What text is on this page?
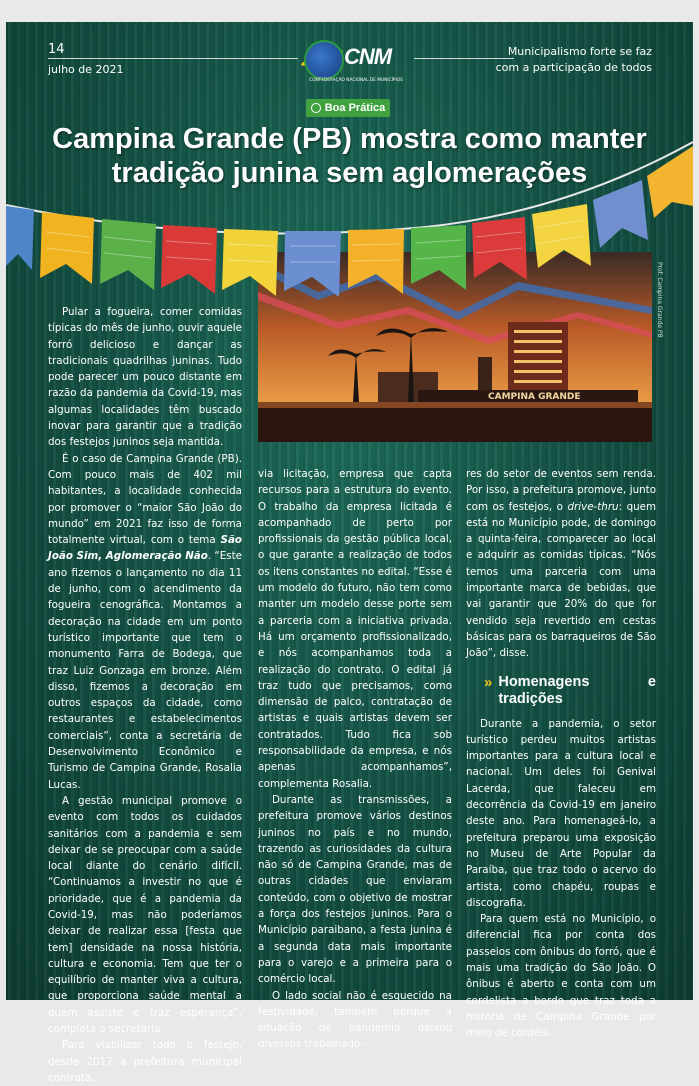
14
julho de 2021
Municipalismo forte se faz
com a participação de todos
CNM
CONFEDERAÇÃO NACIONAL DE MUNICÍPIOS
Boa Prática
Campina Grande (PB) mostra como manter
tradição junina sem aglomerações
CAMPINA GRANDE
Prof: Campina Grande PB

Pular a fogueira, comer comidas típicas do mês de junho, ouvir aquele forró delicioso e dançar as tradicionais quadrilhas juninas. Tudo pode parecer um pouco distante em razão da pandemia da Covid-19, mas algumas localidades têm buscado inovar para garantir que a tradição dos festejos juninos seja mantida.

É o caso de Campina Grande (PB). Com pouco mais de 402 mil habitantes, a localidade conhecida por promover o “maior São João do mundo” em 2021 faz isso de forma totalmente virtual, com o tema São João Sim, Aglomeração Não. “Este ano fizemos o lançamento no dia 11 de junho, com o acendimento da fogueira cenográfica. Montamos a decoração na cidade em um ponto turístico importante que tem o monumento Farra de Bodega, que traz Luiz Gonzaga em bronze. Além disso, fizemos a decoração em outros espaços da cidade, como restaurantes e estabelecimentos comerciais”, conta a secretária de Desenvolvimento Econômico e Turismo de Campina Grande, Rosalia Lucas.

A gestão municipal promove o evento com todos os cuidados sanitários com a pandemia e sem deixar de se preocupar com a saúde local diante do cenário difícil. “Continuamos a investir no que é prioridade, que é a pandemia da Covid-19, mas não poderíamos deixar de realizar essa [festa que tem] densidade na nossa história, cultura e economia. Tem que ter o equilíbrio de manter viva a cultura, que proporciona saúde mental a quem assiste e traz esperança”, completa a secretária.

Para viabilizar todo o festejo, desde 2017 a prefeitura municipal contrata,

via licitação, empresa que capta recursos para a estrutura do evento. O trabalho da empresa licitada é acompanhado de perto por profissionais da gestão pública local, o que garante a realização de todos os itens constantes no edital. “Esse é um modelo do futuro, não tem como manter um modelo desse porte sem a parceria com a iniciativa privada. Há um orçamento profissionalizado, e nós acompanhamos toda a realização do contrato. O edital já traz tudo que precisamos, como dimensão de palco, contratação de artistas e quais artistas devem ser contratados. Tudo fica sob responsabilidade da empresa, e nós apenas acompanhamos”, complementa Rosalia.

Durante as transmissões, a prefeitura promove vários destinos juninos no país e no mundo, trazendo as curiosidades da cultura não só de Campina Grande, mas de outras cidades que enviaram conteúdo, com o objetivo de mostrar a força dos festejos juninos. Para o Município paraibano, a festa junina é a segunda data mais importante para o varejo e a primeira para o comércio local.

O lado social não é esquecido na festividade, também porque a situação de pandemia deixou diversos trabalhado-

res do setor de eventos sem renda. Por isso, a prefeitura promove, junto com os festejos, o drive-thru: quem está no Município pode, de domingo a quinta-feira, comparecer ao local e adquirir as comidas típicas. “Nós temos uma parceria com uma importante marca de bebidas, que vai garantir que 20% do que for vendido seja revertido em cestas básicas para os barraqueiros de São João”, disse.

» Homenagens e tradições

Durante a pandemia, o setor turístico perdeu muitos artistas importantes para a cultura local e nacional. Um deles foi Genival Lacerda, que faleceu em decorrência da Covid-19 em janeiro deste ano. Para homenageá-lo, a prefeitura preparou uma exposição no Museu de Arte Popular da Paraíba, que traz todo o acervo do artista, como chapéu, roupas e discografia.

Para quem está no Município, o diferencial fica por conta dos passeios com ônibus do forró, que é mais uma tradição do São João. O ônibus é aberto e conta com um cordelista a bordo que traz toda a história de Campina Grande por meio de cordéis.
